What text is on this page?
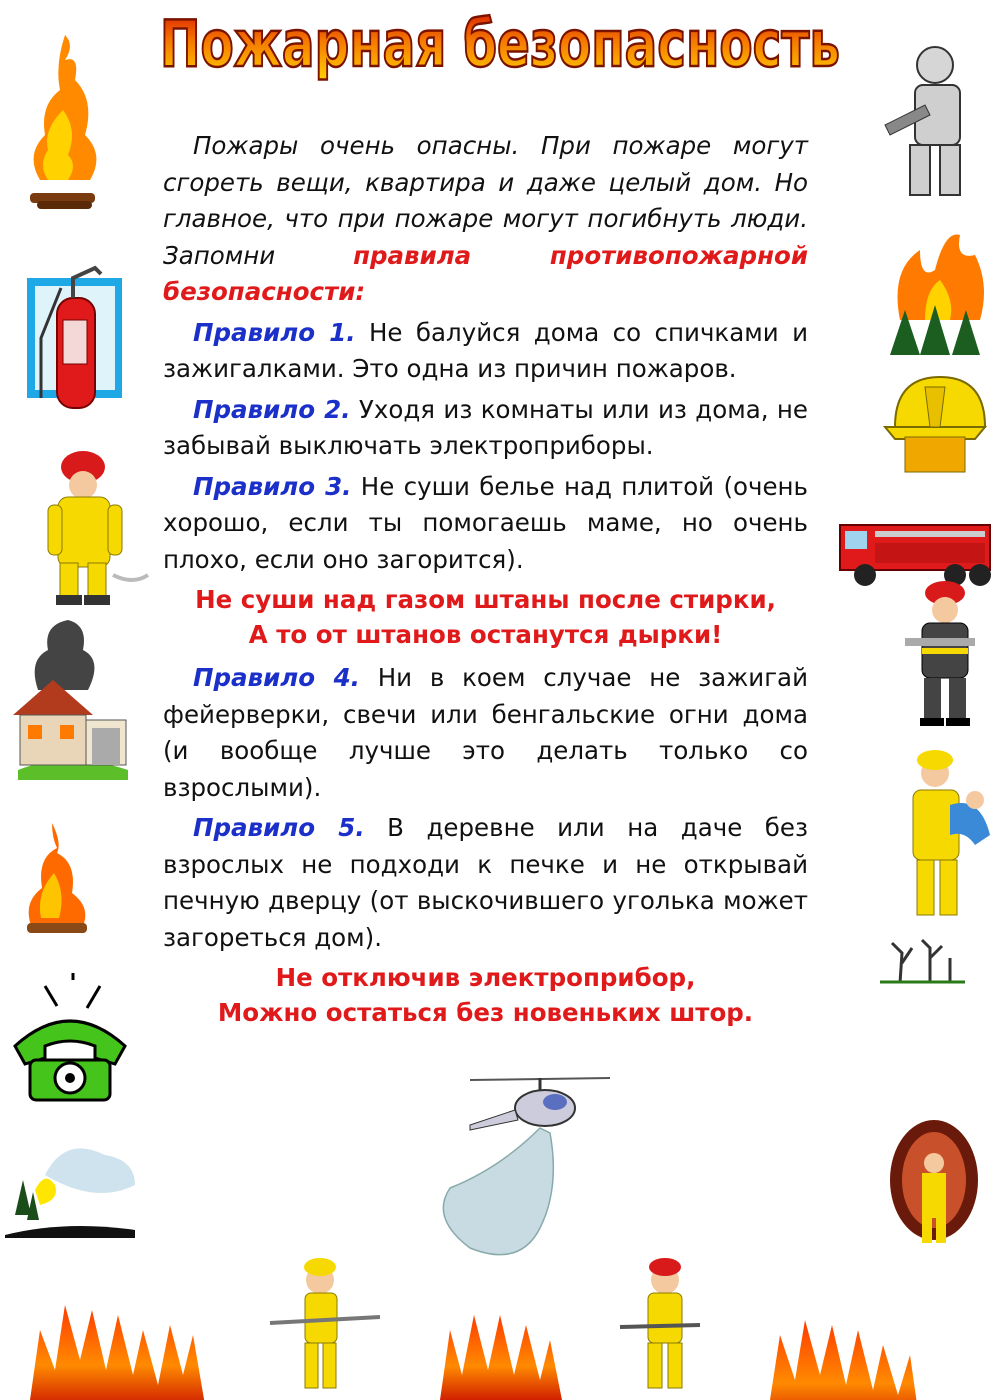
Пожарная безопасность

Пожары очень опасны. При пожаре могут сгореть вещи, квартира и даже целый дом. Но главное, что при пожаре могут погибнуть люди. Запомни правила противопожарной безопасности:

Правило 1. Не балуйся дома со спичками и зажигалками. Это одна из причин пожаров.

Правило 2. Уходя из комнаты или из дома, не забывай выключать электроприборы.

Правило 3. Не суши белье над плитой (очень хорошо, если ты помогаешь маме, но очень плохо, если оно загорится).

Не суши над газом штаны после стирки,
А то от штанов останутся дырки!

Правило 4. Ни в коем случае не зажигай фейерверки, свечи или бенгальские огни дома (и вообще лучше это делать только со взрослыми).

Правило 5. В деревне или на даче без взрослых не подходи к печке и не открывай печную дверцу (от выскочившего уголька может загореться дом).

Не отключив электроприбор,
Можно остаться без новеньких штор.
